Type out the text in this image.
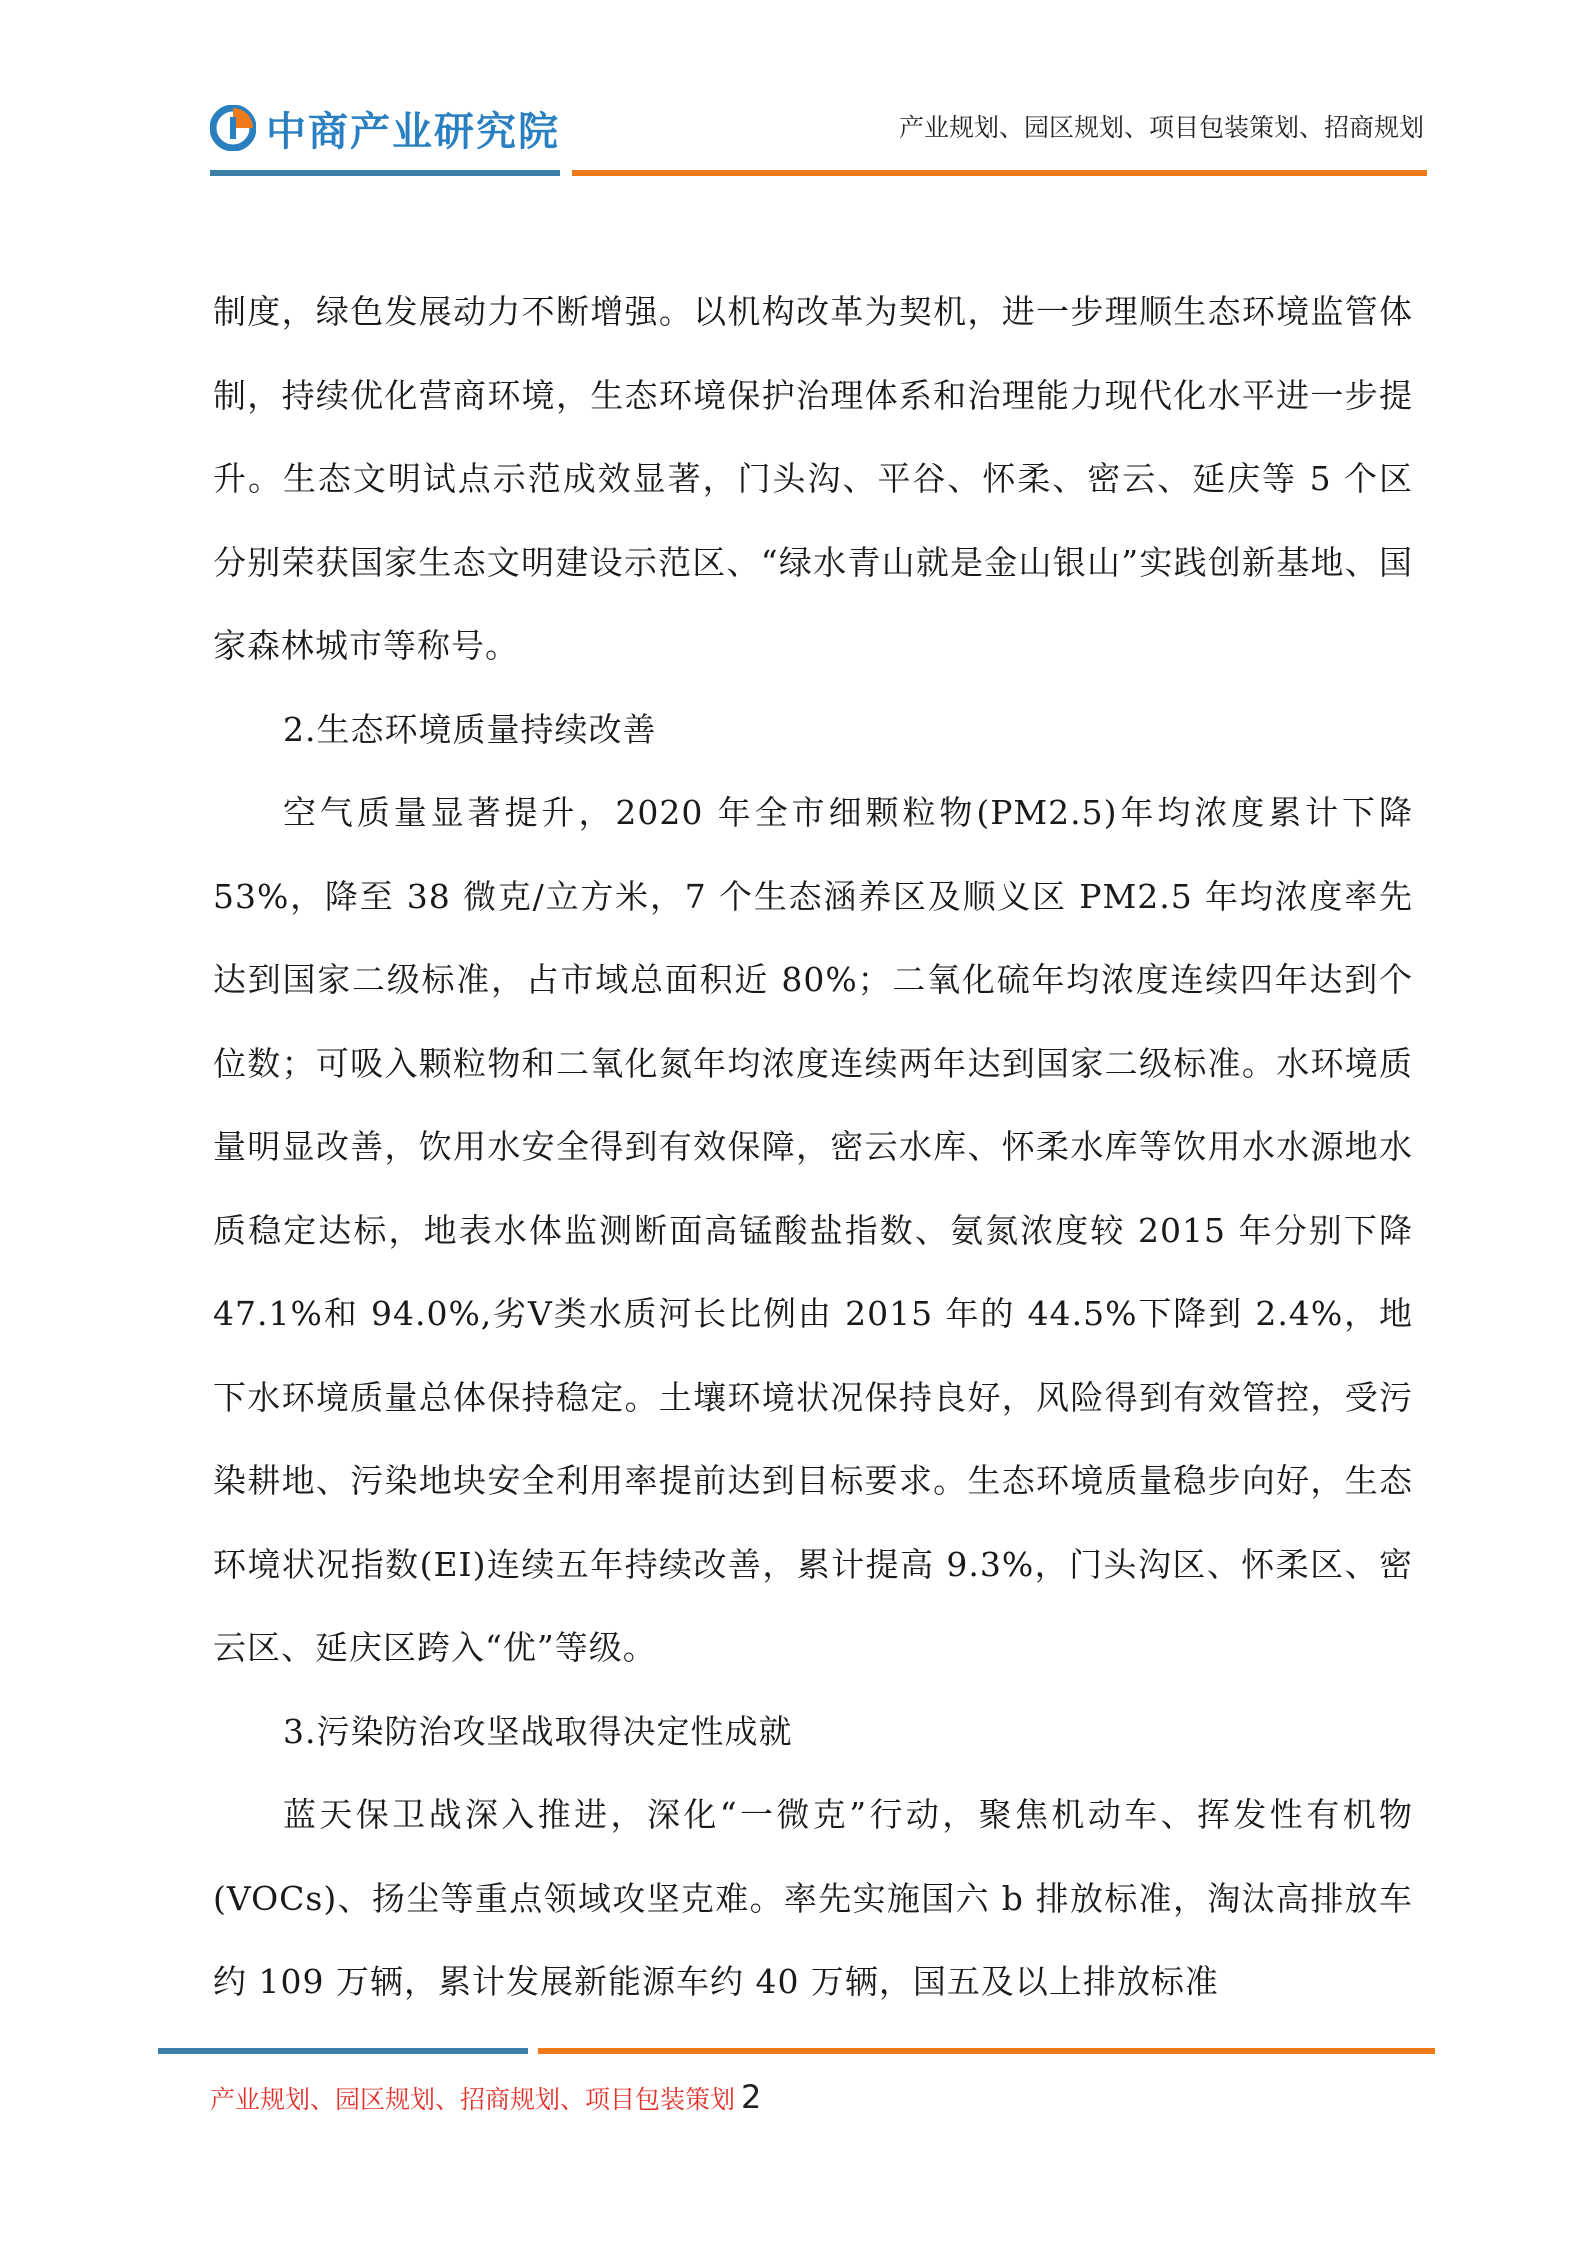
中商产业研究院	产业规划、园区规划、项目包装策划、招商规划

制度，绿色发展动力不断增强。以机构改革为契机，进一步理顺生态环境监管体制，持续优化营商环境，生态环境保护治理体系和治理能力现代化水平进一步提升。生态文明试点示范成效显著，门头沟、平谷、怀柔、密云、延庆等 5 个区分别荣获国家生态文明建设示范区、“绿水青山就是金山银山”实践创新基地、国家森林城市等称号。

2.生态环境质量持续改善

空气质量显著提升，2020 年全市细颗粒物(PM2.5)年均浓度累计下降 53%，降至 38 微克/立方米，7 个生态涵养区及顺义区 PM2.5 年均浓度率先达到国家二级标准，占市域总面积近 80%；二氧化硫年均浓度连续四年达到个位数；可吸入颗粒物和二氧化氮年均浓度连续两年达到国家二级标准。水环境质量明显改善，饮用水安全得到有效保障，密云水库、怀柔水库等饮用水水源地水质稳定达标，地表水体监测断面高锰酸盐指数、氨氮浓度较 2015 年分别下降 47.1%和 94.0%,劣Ⅴ类水质河长比例由 2015 年的 44.5%下降到 2.4%，地下水环境质量总体保持稳定。土壤环境状况保持良好，风险得到有效管控，受污染耕地、污染地块安全利用率提前达到目标要求。生态环境质量稳步向好，生态环境状况指数(EI)连续五年持续改善，累计提高 9.3%，门头沟区、怀柔区、密云区、延庆区跨入“优”等级。

3.污染防治攻坚战取得决定性成就

蓝天保卫战深入推进，深化“一微克”行动，聚焦机动车、挥发性有机物(VOCs)、扬尘等重点领域攻坚克难。率先实施国六 b 排放标准，淘汰高排放车约 109 万辆，累计发展新能源车约 40 万辆，国五及以上排放标准

产业规划、园区规划、招商规划、项目包装策划 2
